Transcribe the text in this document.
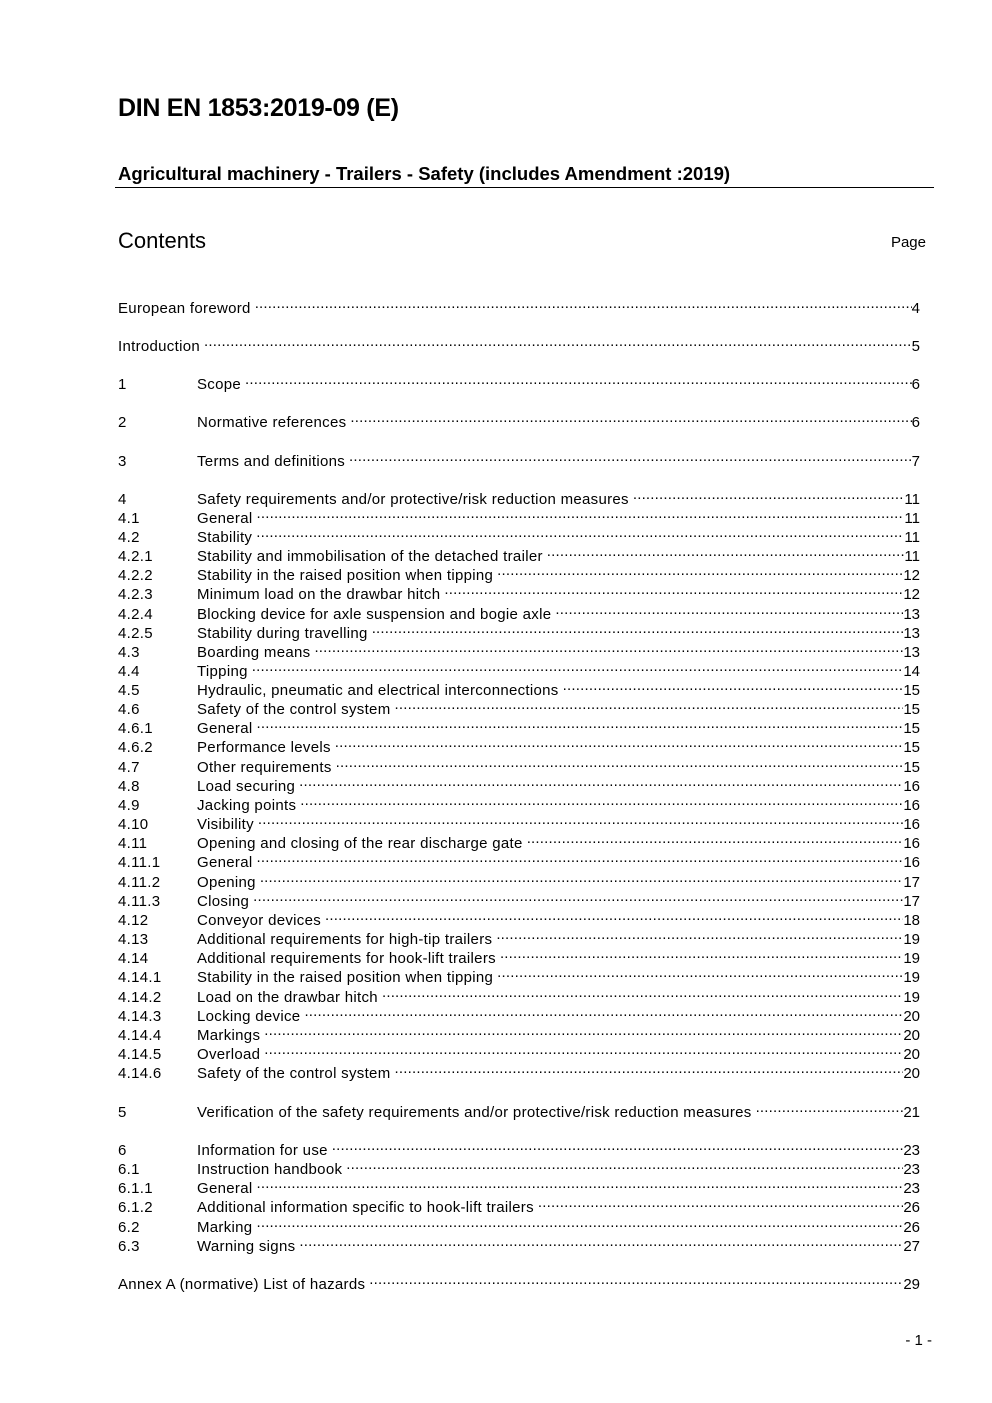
DIN EN 1853:2019-09 (E)
Agricultural machinery - Trailers - Safety (includes Amendment :2019)
Contents	Page
European foreword .....	4
Introduction .....	5
1	Scope .....	6
2	Normative references .....	6
3	Terms and definitions .....	7
4	Safety requirements and/or protective/risk reduction measures .....	11
4.1	General .....	11
4.2	Stability .....	11
4.2.1	Stability and immobilisation of the detached trailer .....	11
4.2.2	Stability in the raised position when tipping .....	12
4.2.3	Minimum load on the drawbar hitch .....	12
4.2.4	Blocking device for axle suspension and bogie axle .....	13
4.2.5	Stability during travelling .....	13
4.3	Boarding means .....	13
4.4	Tipping .....	14
4.5	Hydraulic, pneumatic and electrical interconnections .....	15
4.6	Safety of the control system .....	15
4.6.1	General .....	15
4.6.2	Performance levels .....	15
4.7	Other requirements .....	15
4.8	Load securing .....	16
4.9	Jacking points .....	16
4.10	Visibility .....	16
4.11	Opening and closing of the rear discharge gate .....	16
4.11.1	General .....	16
4.11.2	Opening .....	17
4.11.3	Closing .....	17
4.12	Conveyor devices .....	18
4.13	Additional requirements for high-tip trailers .....	19
4.14	Additional requirements for hook-lift trailers .....	19
4.14.1	Stability in the raised position when tipping .....	19
4.14.2	Load on the drawbar hitch .....	19
4.14.3	Locking device .....	20
4.14.4	Markings .....	20
4.14.5	Overload .....	20
4.14.6	Safety of the control system .....	20
5	Verification of the safety requirements and/or protective/risk reduction measures .....	21
6	Information for use .....	23
6.1	Instruction handbook .....	23
6.1.1	General .....	23
6.1.2	Additional information specific to hook-lift trailers .....	26
6.2	Marking .....	26
6.3	Warning signs .....	27
Annex A (normative) List of hazards .....	29
- 1 -
